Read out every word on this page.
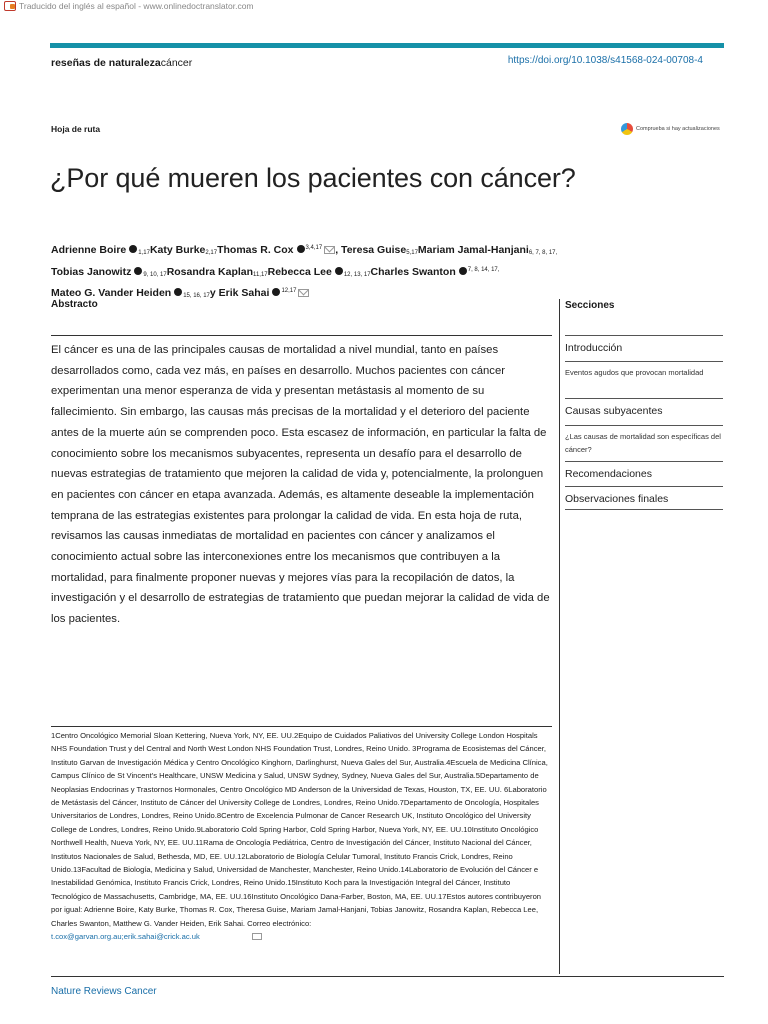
Traducido del inglés al español - www.onlinedoctranslator.com
reseñas de naturalezacáncer	https://doi.org/10.1038/s41568-024-00708-4
Hoja de ruta	Comprueba si hay actualizaciones
¿Por qué mueren los pacientes con cáncer?
Adrienne Boire 1,17Katy Burke2,17Thomas R. Cox $^{3,4,17}$ , Teresa Guise5,17Mariam Jamal-Hanjani6, 7, 8, 17,
Tobias Janowitz 9, 10, 17Rosandra Kaplan11,17Rebecca Lee 12, 13, 17Charles Swanton $^{7, 8, 14, 17,}$
Mateo G. Vander Heiden 15, 16, 17y Erik Sahai $^{12,17}$
Abstracto

El cáncer es una de las principales causas de mortalidad a nivel mundial, tanto en países desarrollados como, cada vez más, en países en desarrollo. Muchos pacientes con cáncer experimentan una menor esperanza de vida y presentan metástasis al momento de su fallecimiento. Sin embargo, las causas más precisas de la mortalidad y el deterioro del paciente antes de la muerte aún se comprenden poco. Esta escasez de información, en particular la falta de conocimiento sobre los mecanismos subyacentes, representa un desafío para el desarrollo de nuevas estrategias de tratamiento que mejoren la calidad de vida y, potencialmente, la prolonguen en pacientes con cáncer en etapa avanzada. Además, es altamente deseable la implementación temprana de las estrategias existentes para prolongar la calidad de vida. En esta hoja de ruta, revisamos las causas inmediatas de mortalidad en pacientes con cáncer y analizamos el conocimiento actual sobre las interconexiones entre los mecanismos que contribuyen a la mortalidad, para finalmente proponer nuevas y mejores vías para la recopilación de datos, la investigación y el desarrollo de estrategias de tratamiento que puedan mejorar la calidad de vida de los pacientes.

Secciones
Introducción
Eventos agudos que provocan mortalidad
Causas subyacentes
¿Las causas de mortalidad son específicas del cáncer?
Recomendaciones
Observaciones finales
1Centro Oncológico Memorial Sloan Kettering, Nueva York, NY, EE. UU.2Equipo de Cuidados Paliativos del University College London Hospitals NHS Foundation Trust y del Central and North West London NHS Foundation Trust, Londres, Reino Unido. 3Programa de Ecosistemas del Cáncer, Instituto Garvan de Investigación Médica y Centro Oncológico Kinghorn, Darlinghurst, Nueva Gales del Sur, Australia.4Escuela de Medicina Clínica, Campus Clínico de St Vincent's Healthcare, UNSW Medicina y Salud, UNSW Sydney, Sydney, Nueva Gales del Sur, Australia.5Departamento de Neoplasias Endocrinas y Trastornos Hormonales, Centro Oncológico MD Anderson de la Universidad de Texas, Houston, TX, EE. UU. 6Laboratorio de Metástasis del Cáncer, Instituto de Cáncer del University College de Londres, Londres, Reino Unido.7Departamento de Oncología, Hospitales Universitarios de Londres, Londres, Reino Unido.8Centro de Excelencia Pulmonar de Cancer Research UK, Instituto Oncológico del University College de Londres, Londres, Reino Unido.9Laboratorio Cold Spring Harbor, Cold Spring Harbor, Nueva York, NY, EE. UU.10Instituto Oncológico Northwell Health, Nueva York, NY, EE. UU.11Rama de Oncología Pediátrica, Centro de Investigación del Cáncer, Instituto Nacional del Cáncer, Institutos Nacionales de Salud, Bethesda, MD, EE. UU.12Laboratorio de Biología Celular Tumoral, Instituto Francis Crick, Londres, Reino Unido.13Facultad de Biología, Medicina y Salud, Universidad de Manchester, Manchester, Reino Unido.14Laboratorio de Evolución del Cáncer e Inestabilidad Genómica, Instituto Francis Crick, Londres, Reino Unido.15Instituto Koch para la Investigación Integral del Cáncer, Instituto Tecnológico de Massachusetts, Cambridge, MA, EE. UU.16Instituto Oncológico Dana-Farber, Boston, MA, EE. UU.17Estos autores contribuyeron por igual: Adrienne Boire, Katy Burke, Thomas R. Cox, Theresa Guise, Mariam Jamal-Hanjani, Tobias Janowitz, Rosandra Kaplan, Rebecca Lee, Charles Swanton, Matthew G. Vander Heiden, Erik Sahai. Correo electrónico:
t.cox@garvan.org.au;erik.sahai@crick.ac.uk
Nature Reviews Cancer
